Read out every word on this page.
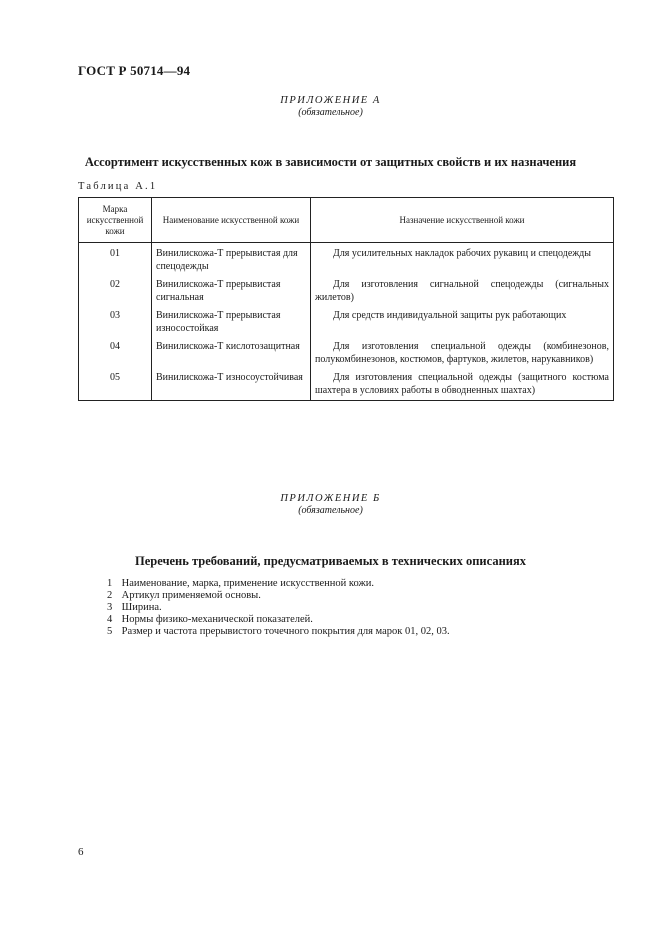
ГОСТ Р 50714—94
ПРИЛОЖЕНИЕ А
(обязательное)
Ассортимент искусственных кож в зависимости от защитных свойств и их назначения
Таблица А.1
Марка искусственной кожи	Наименование искусственной кожи	Назначение искусственной кожи
01	Винилискожа-Т прерывистая для спецодежды	Для усилительных накладок рабочих рукавиц и спецодежды
02	Винилискожа-Т прерывистая сигнальная	Для изготовления сигнальной спецодежды (сигнальных жилетов)
03	Винилискожа-Т прерывистая износостойкая	Для средств индивидуальной защиты рук работающих
04	Винилискожа-Т кислотозащитная	Для изготовления специальной одежды (комбинезонов, полукомбинезонов, костюмов, фартуков, жилетов, нарукавников)
05	Винилискожа-Т износоустойчивая	Для изготовления специальной одежды (защитного костюма шахтера в условиях работы в обводненных шахтах)
ПРИЛОЖЕНИЕ Б
(обязательное)
Перечень требований, предусматриваемых в технических описаниях
1 Наименование, марка, применение искусственной кожи.
2 Артикул применяемой основы.
3 Ширина.
4 Нормы физико-механической показателей.
5 Размер и частота прерывистого точечного покрытия для марок 01, 02, 03.
6
